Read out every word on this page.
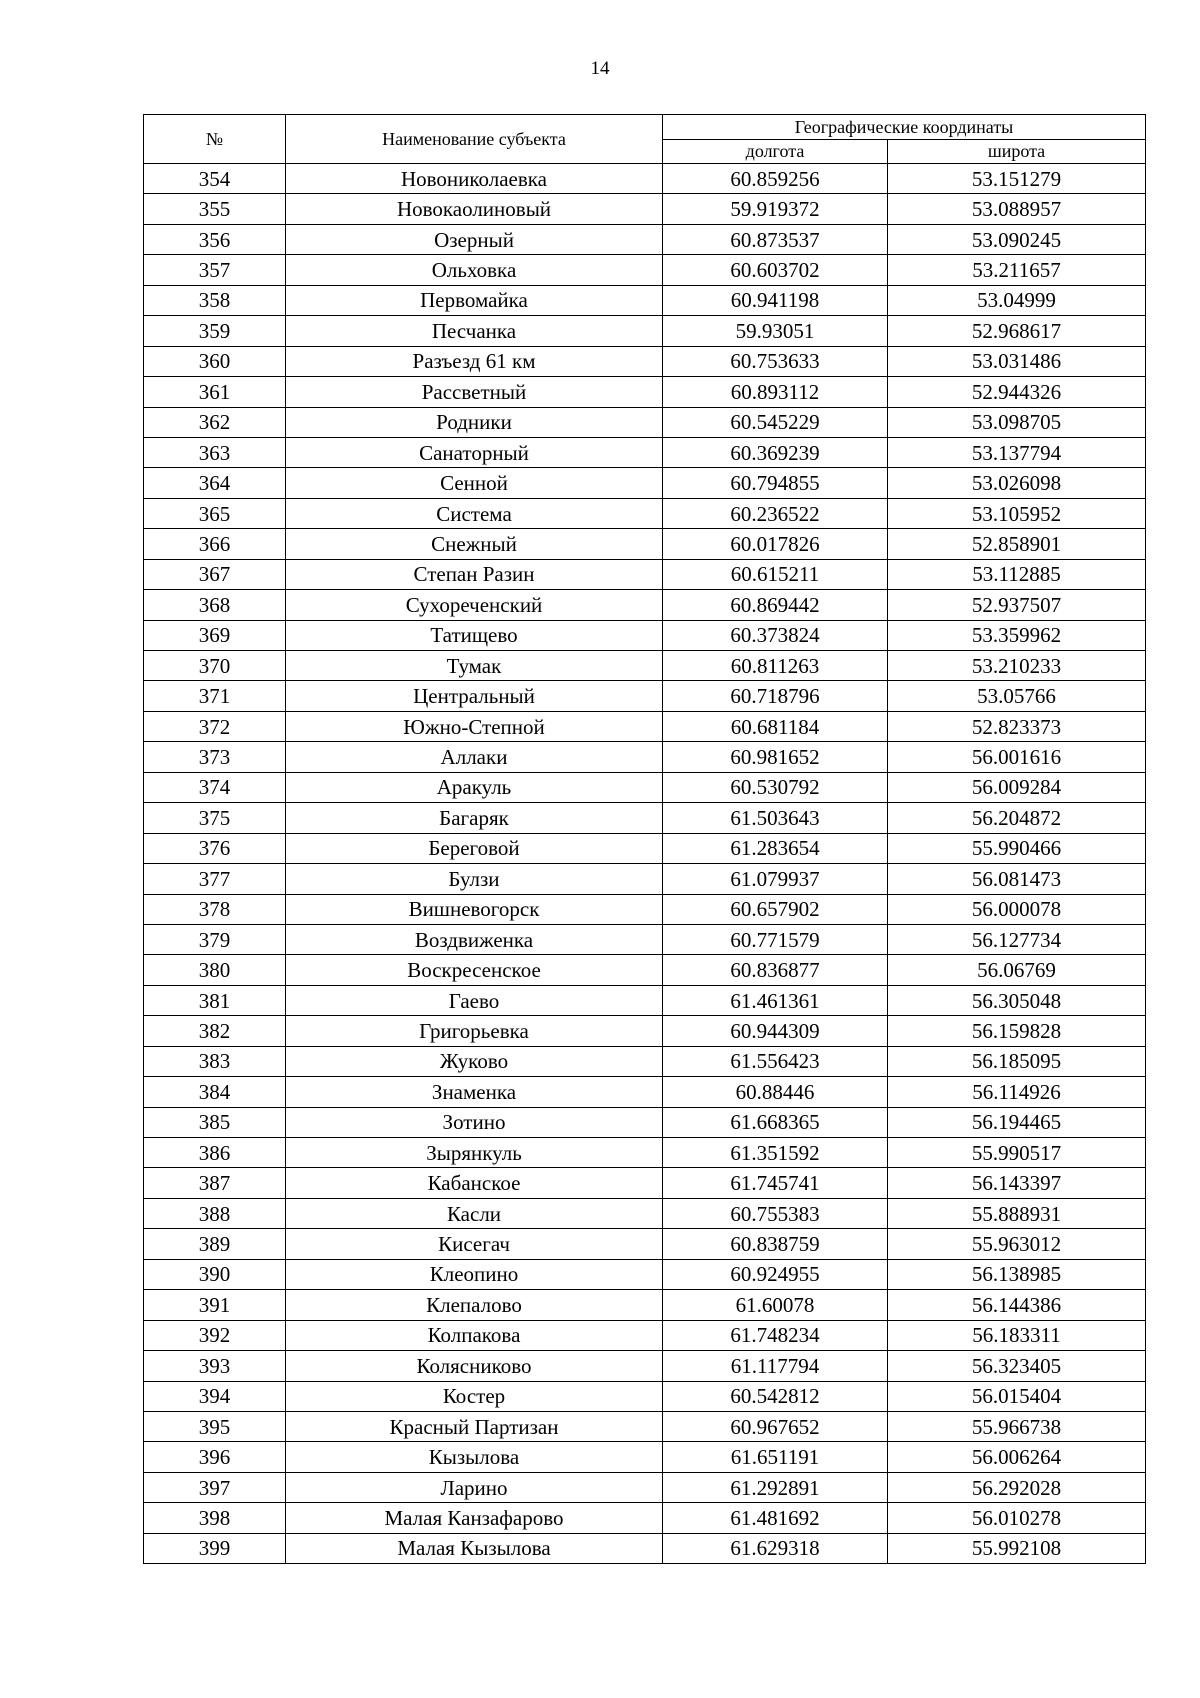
14
№	Наименование субъекта	Географические координаты	
		долгота	широта
354	Новониколаевка	60.859256	53.151279
355	Новокаолиновый	59.919372	53.088957
356	Озерный	60.873537	53.090245
357	Ольховка	60.603702	53.211657
358	Первомайка	60.941198	53.04999
359	Песчанка	59.93051	52.968617
360	Разъезд 61 км	60.753633	53.031486
361	Рассветный	60.893112	52.944326
362	Родники	60.545229	53.098705
363	Санаторный	60.369239	53.137794
364	Сенной	60.794855	53.026098
365	Система	60.236522	53.105952
366	Снежный	60.017826	52.858901
367	Степан Разин	60.615211	53.112885
368	Сухореченский	60.869442	52.937507
369	Татищево	60.373824	53.359962
370	Тумак	60.811263	53.210233
371	Центральный	60.718796	53.05766
372	Южно-Степной	60.681184	52.823373
373	Аллаки	60.981652	56.001616
374	Аракуль	60.530792	56.009284
375	Багаряк	61.503643	56.204872
376	Береговой	61.283654	55.990466
377	Булзи	61.079937	56.081473
378	Вишневогорск	60.657902	56.000078
379	Воздвиженка	60.771579	56.127734
380	Воскресенское	60.836877	56.06769
381	Гаево	61.461361	56.305048
382	Григорьевка	60.944309	56.159828
383	Жуково	61.556423	56.185095
384	Знаменка	60.88446	56.114926
385	Зотино	61.668365	56.194465
386	Зырянкуль	61.351592	55.990517
387	Кабанское	61.745741	56.143397
388	Касли	60.755383	55.888931
389	Кисегач	60.838759	55.963012
390	Клеопино	60.924955	56.138985
391	Клепалово	61.60078	56.144386
392	Колпакова	61.748234	56.183311
393	Колясниково	61.117794	56.323405
394	Костер	60.542812	56.015404
395	Красный Партизан	60.967652	55.966738
396	Кызылова	61.651191	56.006264
397	Ларино	61.292891	56.292028
398	Малая Канзафарово	61.481692	56.010278
399	Малая Кызылова	61.629318	55.992108
